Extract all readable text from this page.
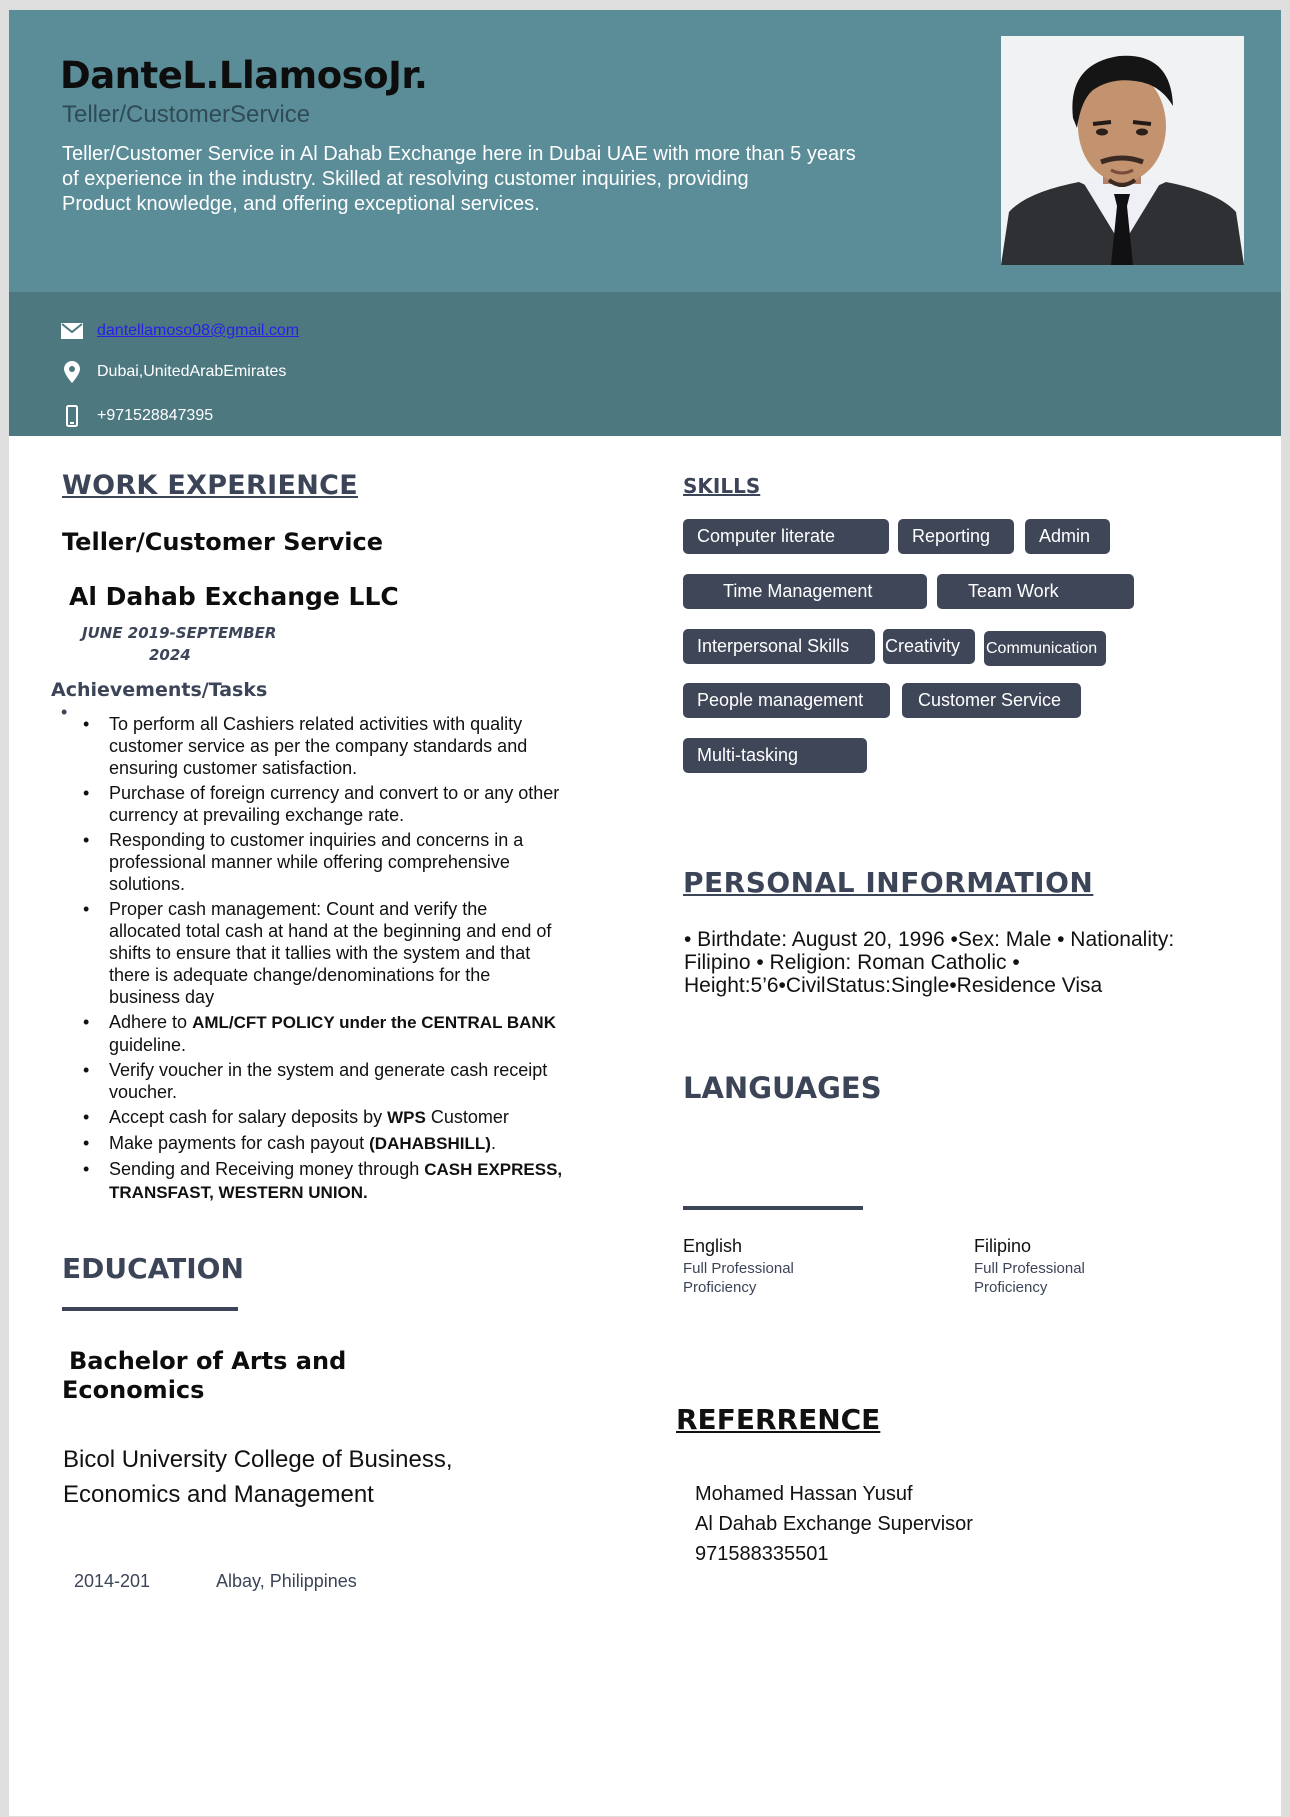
DanteL.LlamosoJr.
Teller/CustomerService
Teller/Customer Service in Al Dahab Exchange here in Dubai UAE with more than 5 years
of experience in the industry. Skilled at resolving customer inquiries, providing
Product knowledge, and offering exceptional services.
dantellamoso08@gmail.com
Dubai,UnitedArabEmirates
+971528847395
WORK EXPERIENCE
Teller/Customer Service
Al Dahab Exchange LLC
JUNE 2019-SEPTEMBER
2024
Achievements/Tasks
•
• To perform all Cashiers related activities with quality customer service as per the company standards and ensuring customer satisfaction.
• Purchase of foreign currency and convert to or any other currency at prevailing exchange rate.
• Responding to customer inquiries and concerns in a professional manner while offering comprehensive solutions.
• Proper cash management: Count and verify the allocated total cash at hand at the beginning and end of shifts to ensure that it tallies with the system and that there is adequate change/denominations for the business day
• Adhere to AML/CFT POLICY under the CENTRAL BANK guideline.
• Verify voucher in the system and generate cash receipt voucher.
• Accept cash for salary deposits by WPS Customer
• Make payments for cash payout (DAHABSHILL).
• Sending and Receiving money through CASH EXPRESS, TRANSFAST, WESTERN UNION.
EDUCATION
Bachelor of Arts and Economics
Bicol University College of Business, Economics and Management
2014-201	Albay, Philippines
SKILLS
Computer literate	Reporting	Admin
Time Management	Team Work
Interpersonal Skills	Creativity	Communication
People management	Customer Service
Multi-tasking
PERSONAL INFORMATION
• Birthdate: August 20, 1996 •Sex: Male • Nationality: Filipino • Religion: Roman Catholic • Height:5’6•CivilStatus:Single•Residence Visa
LANGUAGES
English
Full Professional Proficiency
Filipino
Full Professional Proficiency
REFERRENCE
Mohamed Hassan Yusuf
Al Dahab Exchange Supervisor
971588335501
